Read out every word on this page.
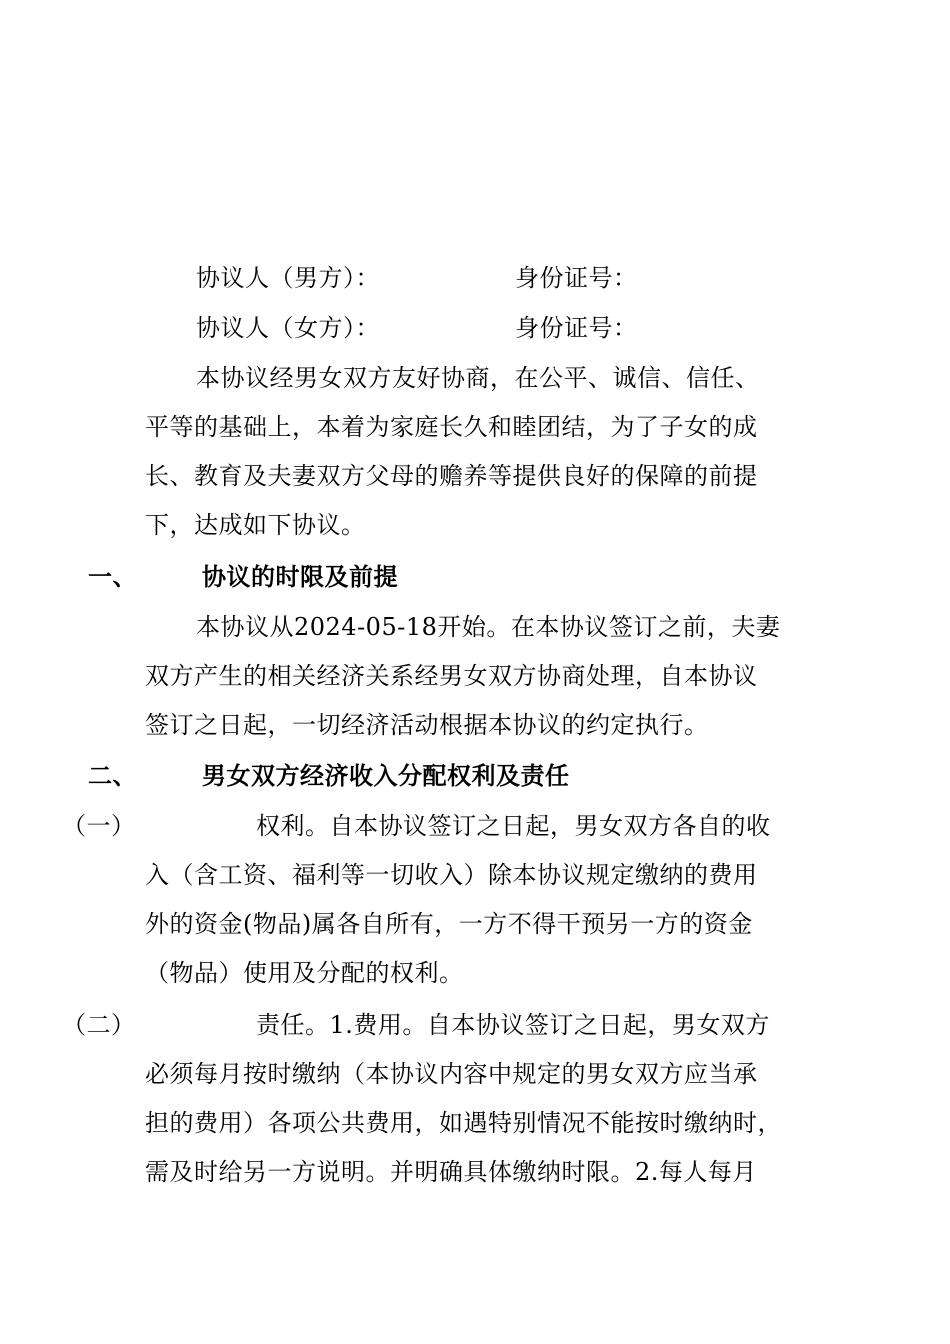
协议人（男方）：	身份证号：
协议人（女方）：	身份证号：
本协议经男女双方友好协商，在公平、诚信、信任、
平等的基础上，本着为家庭长久和睦团结，为了子女的成
长、教育及夫妻双方父母的赡养等提供良好的保障的前提
下，达成如下协议。
一、	协议的时限及前提
本协议从2024-05-18开始。在本协议签订之前，夫妻
双方产生的相关经济关系经男女双方协商处理，自本协议
签订之日起，一切经济活动根据本协议的约定执行。
二、	男女双方经济收入分配权利及责任
（一）	权利。自本协议签订之日起，男女双方各自的收
入（含工资、福利等一切收入）除本协议规定缴纳的费用
外的资金(物品)属各自所有，一方不得干预另一方的资金
（物品）使用及分配的权利。
（二）	责任。1.费用。自本协议签订之日起，男女双方
必须每月按时缴纳（本协议内容中规定的男女双方应当承
担的费用）各项公共费用，如遇特别情况不能按时缴纳时，
需及时给另一方说明。并明确具体缴纳时限。2.每人每月
